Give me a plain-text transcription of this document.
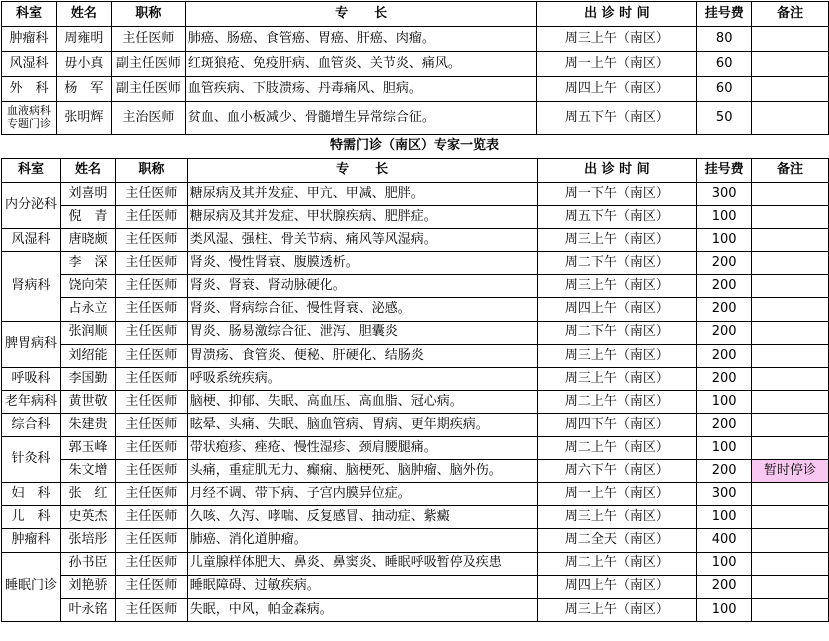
科室	姓名	职称	专　　长	出 诊 时 间	挂号费	备注
肿瘤科	周雍明	主任医师	肺癌、肠癌、食管癌、胃癌、肝癌、肉瘤。	周三上午（南区）	80	
风湿科	毋小真	副主任医师	红斑狼疮、免疫肝病、血管炎、关节炎、痛风。	周一上午（南区）	60	
外　科	杨　军	副主任医师	血管疾病、下肢溃疡、丹毒痛风、胆病。	周四上午（南区）	60	
血液病科专题门诊	张明辉	主治医师	贫血、血小板减少、骨髓增生异常综合征。	周五下午（南区）	50	
特需门诊（南区）专家一览表
科室	姓名	职称	专　　长	出 诊 时 间	挂号费	备注
内分泌科	刘喜明	主任医师	糖尿病及其并发症、甲亢、甲减、肥胖。	周一下午（南区）	300	
	倪　青	主任医师	糖尿病及其并发症、甲状腺疾病、肥胖症。	周五下午（南区）	100	
风湿科	唐晓颇	主任医师	类风湿、强柱、骨关节病、痛风等风湿病。	周三上午（南区）	100	
肾病科	李　深	主任医师	肾炎、慢性肾衰、腹膜透析。	周二下午（南区）	200	
	饶向荣	主任医师	肾炎、肾衰、肾动脉硬化。	周三上午（南区）	200	
	占永立	主任医师	肾炎、肾病综合征、慢性肾衰、泌感。	周四上午（南区）	200	
脾胃病科	张润顺	主任医师	胃炎、肠易激综合征、泄泻、胆囊炎	周二下午（南区）	200	
	刘绍能	主任医师	胃溃疡、食管炎、便秘、肝硬化、结肠炎	周三上午（南区）	200	
呼吸科	李国勤	主任医师	呼吸系统疾病。	周三上午（南区）	200	
老年病科	黄世敬	主任医师	脑梗、抑郁、失眠、高血压、高血脂、冠心病。	周二上午（南区）	100	
综合科	朱建贵	主任医师	眩晕、头痛、失眠、脑血管病、胃病、更年期疾病。	周四下午（南区）	200	
针灸科	郭玉峰	主任医师	带状疱疹、痤疮、慢性湿疹、颈肩腰腿痛。	周二上午（南区）	100	
	朱文增	主任医师	头痛，重症肌无力、癫痫、脑梗死、脑肿瘤、脑外伤。	周六下午（南区）	200	暂时停诊
妇　科	张　红	主任医师	月经不调、带下病、子宫内膜异位症。	周一上午（南区）	300	
儿　科	史英杰	主任医师	久咳、久泻、哮喘、反复感冒、抽动症、紫癜	周三上午（南区）	100	
肿瘤科	张培彤	主任医师	肺癌、消化道肿瘤。	周二全天（南区）	400	
睡眠门诊	孙书臣	主任医师	儿童腺样体肥大、鼻炎、鼻窦炎、睡眠呼吸暂停及疾患	周二上午（南区）	100	
	刘艳骄	主任医师	睡眠障碍、过敏疾病。	周四上午（南区）	200	
	叶永铭	主任医师	失眠，中风，帕金森病。	周三上午（南区）	100	
